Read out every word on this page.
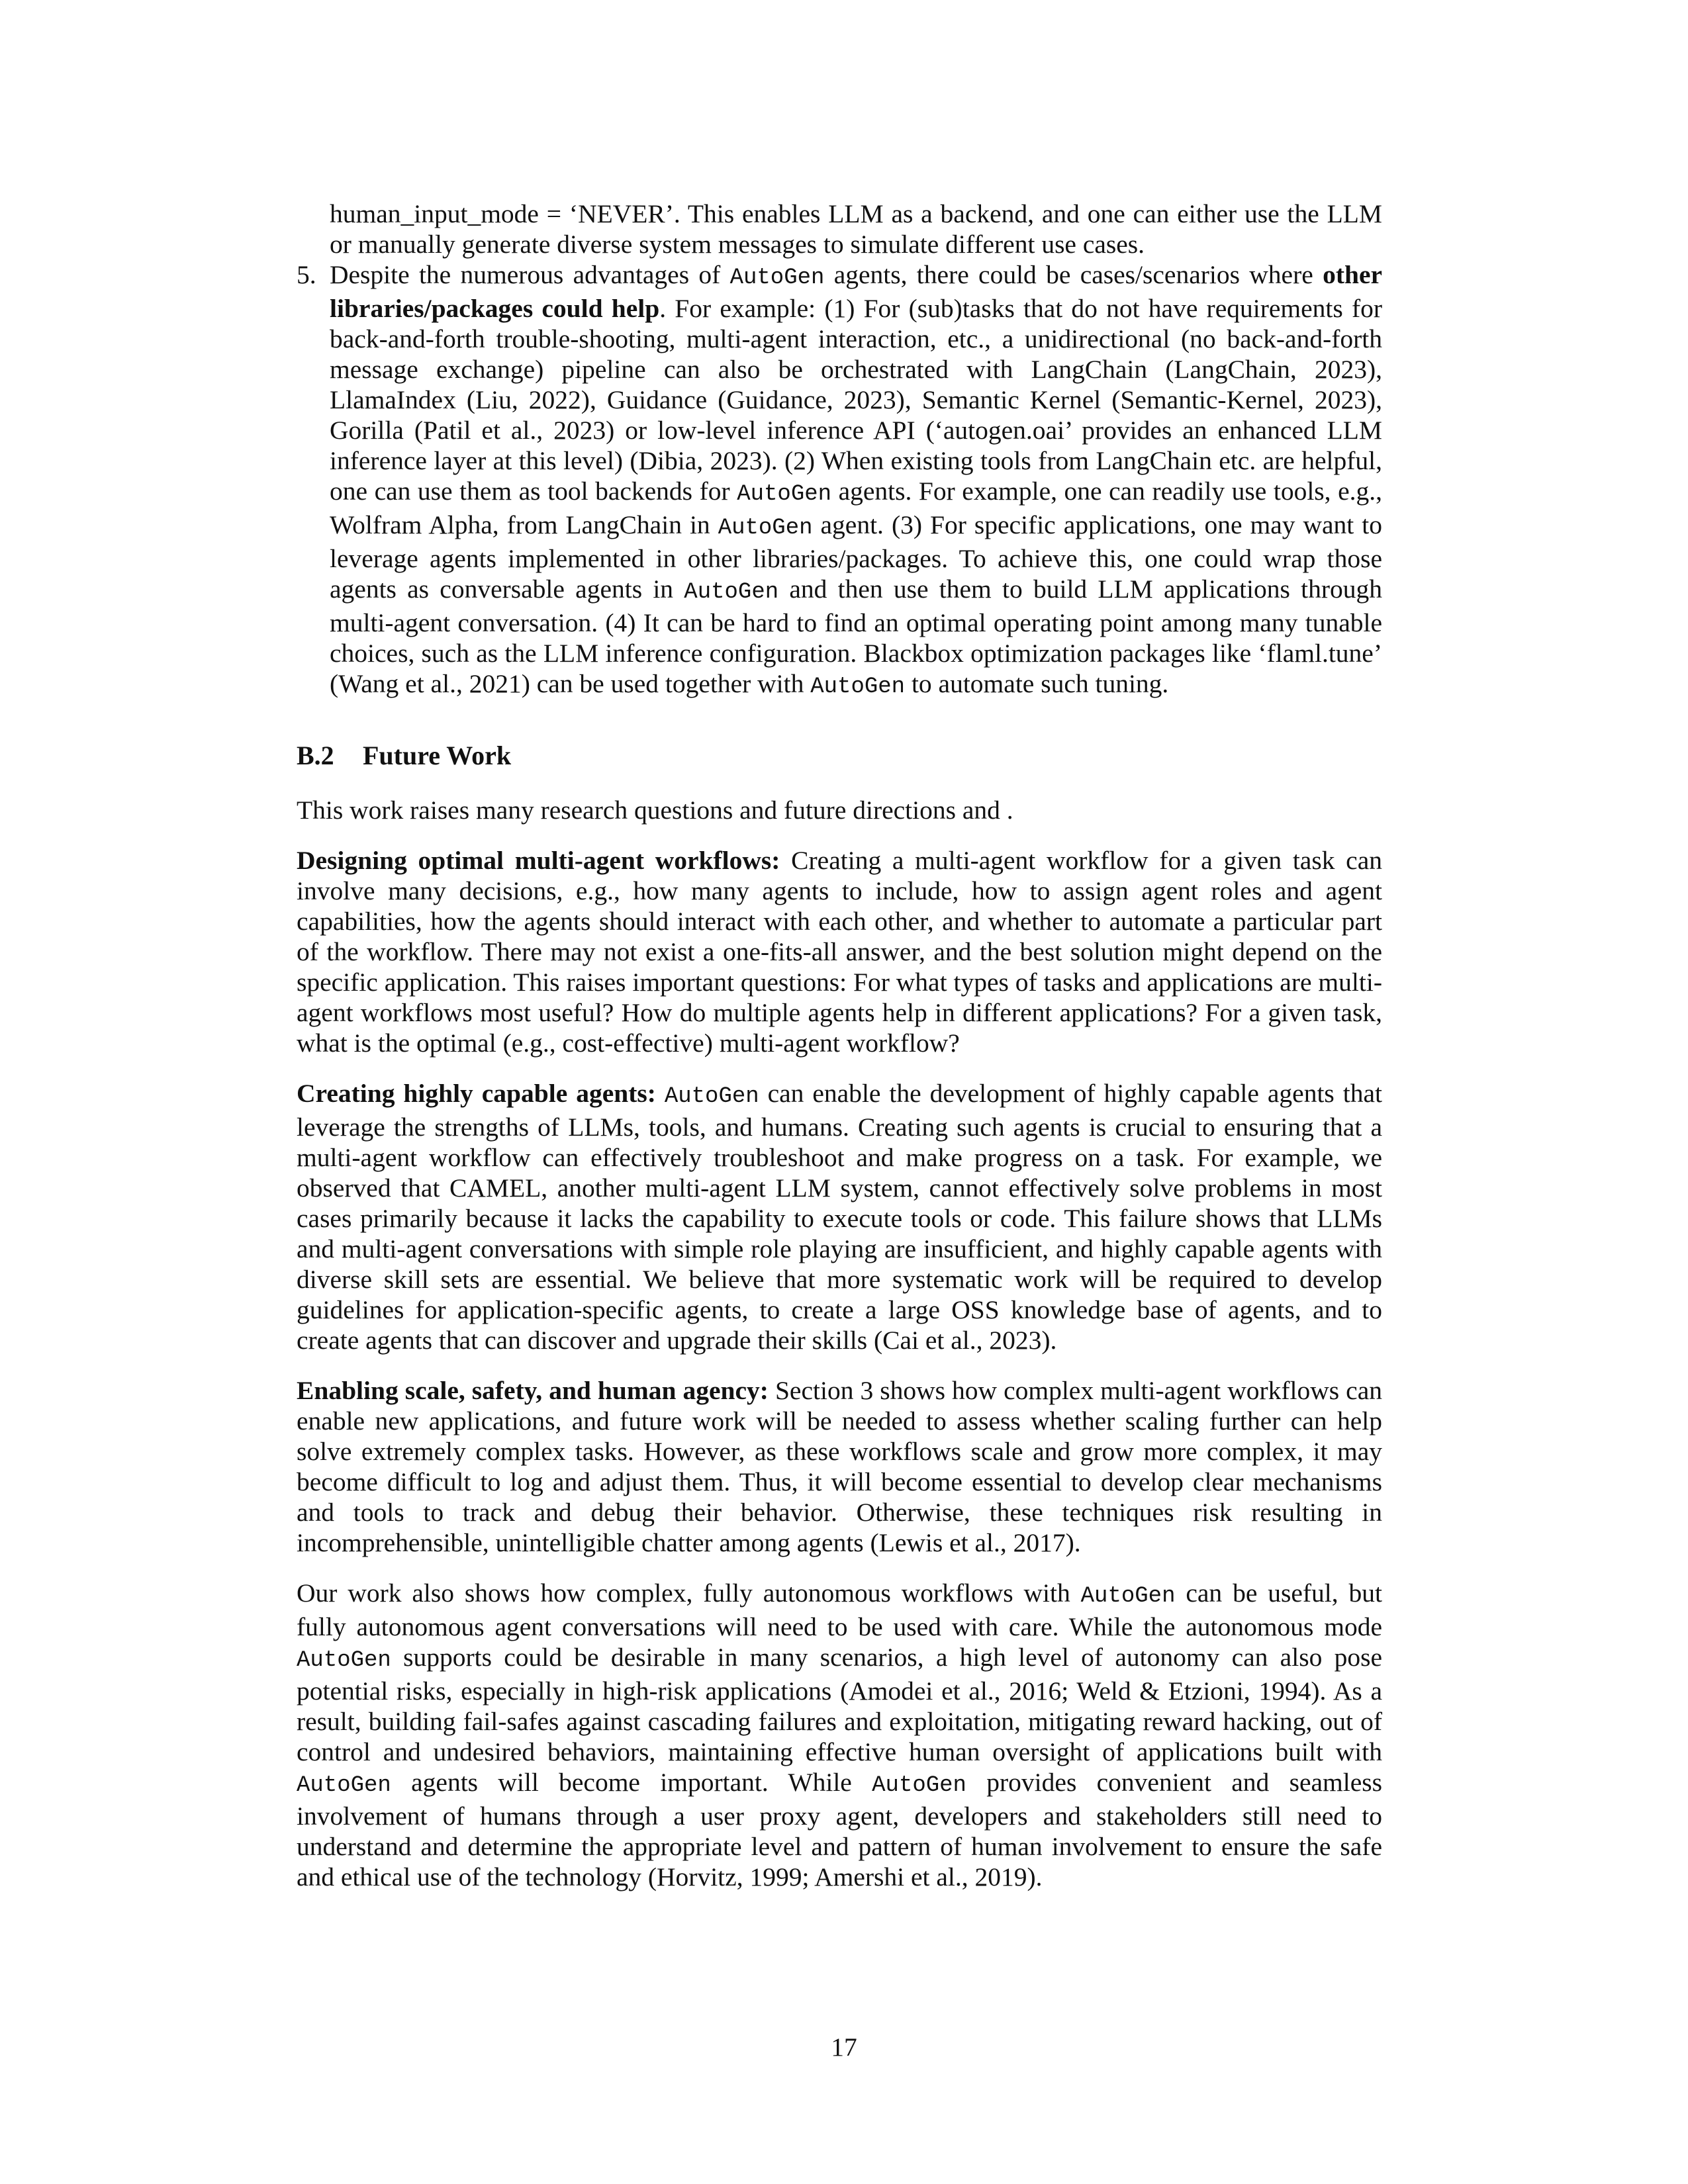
human_input_mode = ‘NEVER’. This enables LLM as a backend, and one can either use the LLM or manually generate diverse system messages to simulate different use cases.

5. Despite the numerous advantages of AutoGen agents, there could be cases/scenarios where other libraries/packages could help. For example: (1) For (sub)tasks that do not have requirements for back-and-forth trouble-shooting, multi-agent interaction, etc., a unidirectional (no back-and-forth message exchange) pipeline can also be orchestrated with LangChain (LangChain, 2023), LlamaIndex (Liu, 2022), Guidance (Guidance, 2023), Semantic Kernel (Semantic-Kernel, 2023), Gorilla (Patil et al., 2023) or low-level inference API (‘autogen.oai’ provides an enhanced LLM inference layer at this level) (Dibia, 2023). (2) When existing tools from LangChain etc. are helpful, one can use them as tool backends for AutoGen agents. For example, one can readily use tools, e.g., Wolfram Alpha, from LangChain in AutoGen agent. (3) For specific applications, one may want to leverage agents implemented in other libraries/packages. To achieve this, one could wrap those agents as conversable agents in AutoGen and then use them to build LLM applications through multi-agent conversation. (4) It can be hard to find an optimal operating point among many tunable choices, such as the LLM inference configuration. Blackbox optimization packages like ‘flaml.tune’ (Wang et al., 2021) can be used together with AutoGen to automate such tuning.
B.2 Future Work

This work raises many research questions and future directions and .

Designing optimal multi-agent workflows: Creating a multi-agent workflow for a given task can involve many decisions, e.g., how many agents to include, how to assign agent roles and agent capabilities, how the agents should interact with each other, and whether to automate a particular part of the workflow. There may not exist a one-fits-all answer, and the best solution might depend on the specific application. This raises important questions: For what types of tasks and applications are multi-agent workflows most useful? How do multiple agents help in different applications? For a given task, what is the optimal (e.g., cost-effective) multi-agent workflow?

Creating highly capable agents: AutoGen can enable the development of highly capable agents that leverage the strengths of LLMs, tools, and humans. Creating such agents is crucial to ensuring that a multi-agent workflow can effectively troubleshoot and make progress on a task. For example, we observed that CAMEL, another multi-agent LLM system, cannot effectively solve problems in most cases primarily because it lacks the capability to execute tools or code. This failure shows that LLMs and multi-agent conversations with simple role playing are insufficient, and highly capable agents with diverse skill sets are essential. We believe that more systematic work will be required to develop guidelines for application-specific agents, to create a large OSS knowledge base of agents, and to create agents that can discover and upgrade their skills (Cai et al., 2023).

Enabling scale, safety, and human agency: Section 3 shows how complex multi-agent workflows can enable new applications, and future work will be needed to assess whether scaling further can help solve extremely complex tasks. However, as these workflows scale and grow more complex, it may become difficult to log and adjust them. Thus, it will become essential to develop clear mechanisms and tools to track and debug their behavior. Otherwise, these techniques risk resulting in incomprehensible, unintelligible chatter among agents (Lewis et al., 2017).

Our work also shows how complex, fully autonomous workflows with AutoGen can be useful, but fully autonomous agent conversations will need to be used with care. While the autonomous mode AutoGen supports could be desirable in many scenarios, a high level of autonomy can also pose potential risks, especially in high-risk applications (Amodei et al., 2016; Weld & Etzioni, 1994). As a result, building fail-safes against cascading failures and exploitation, mitigating reward hacking, out of control and undesired behaviors, maintaining effective human oversight of applications built with AutoGen agents will become important. While AutoGen provides convenient and seamless involvement of humans through a user proxy agent, developers and stakeholders still need to understand and determine the appropriate level and pattern of human involvement to ensure the safe and ethical use of the technology (Horvitz, 1999; Amershi et al., 2019).

17
